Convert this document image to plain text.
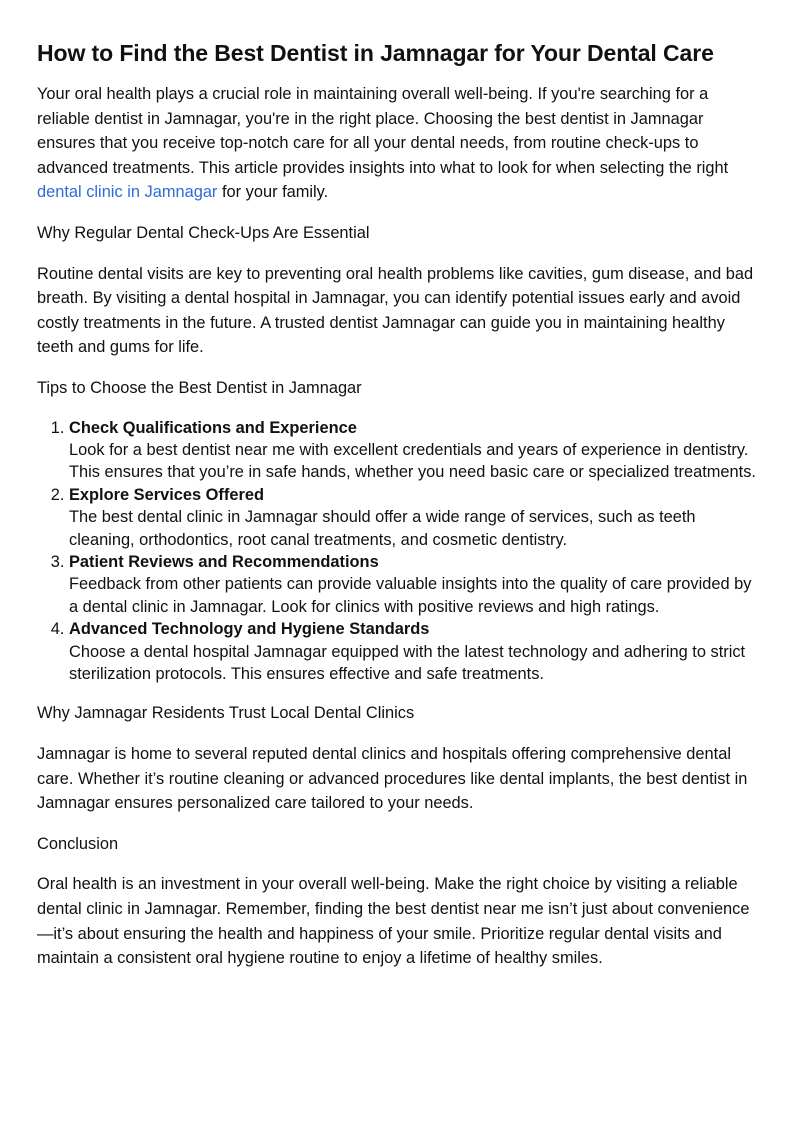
How to Find the Best Dentist in Jamnagar for Your Dental Care

Your oral health plays a crucial role in maintaining overall well-being. If you're searching for a reliable dentist in Jamnagar, you're in the right place. Choosing the best dentist in Jamnagar ensures that you receive top-notch care for all your dental needs, from routine check-ups to advanced treatments. This article provides insights into what to look for when selecting the right dental clinic in Jamnagar for your family.

Why Regular Dental Check-Ups Are Essential

Routine dental visits are key to preventing oral health problems like cavities, gum disease, and bad breath. By visiting a dental hospital in Jamnagar, you can identify potential issues early and avoid costly treatments in the future. A trusted dentist Jamnagar can guide you in maintaining healthy teeth and gums for life.

Tips to Choose the Best Dentist in Jamnagar

1. Check Qualifications and Experience
Look for a best dentist near me with excellent credentials and years of experience in dentistry. This ensures that you’re in safe hands, whether you need basic care or specialized treatments.
2. Explore Services Offered
The best dental clinic in Jamnagar should offer a wide range of services, such as teeth cleaning, orthodontics, root canal treatments, and cosmetic dentistry.
3. Patient Reviews and Recommendations
Feedback from other patients can provide valuable insights into the quality of care provided by a dental clinic in Jamnagar. Look for clinics with positive reviews and high ratings.
4. Advanced Technology and Hygiene Standards
Choose a dental hospital Jamnagar equipped with the latest technology and adhering to strict sterilization protocols. This ensures effective and safe treatments.

Why Jamnagar Residents Trust Local Dental Clinics

Jamnagar is home to several reputed dental clinics and hospitals offering comprehensive dental care. Whether it’s routine cleaning or advanced procedures like dental implants, the best dentist in Jamnagar ensures personalized care tailored to your needs.

Conclusion

Oral health is an investment in your overall well-being. Make the right choice by visiting a reliable dental clinic in Jamnagar. Remember, finding the best dentist near me isn’t just about convenience—it’s about ensuring the health and happiness of your smile. Prioritize regular dental visits and maintain a consistent oral hygiene routine to enjoy a lifetime of healthy smiles.
